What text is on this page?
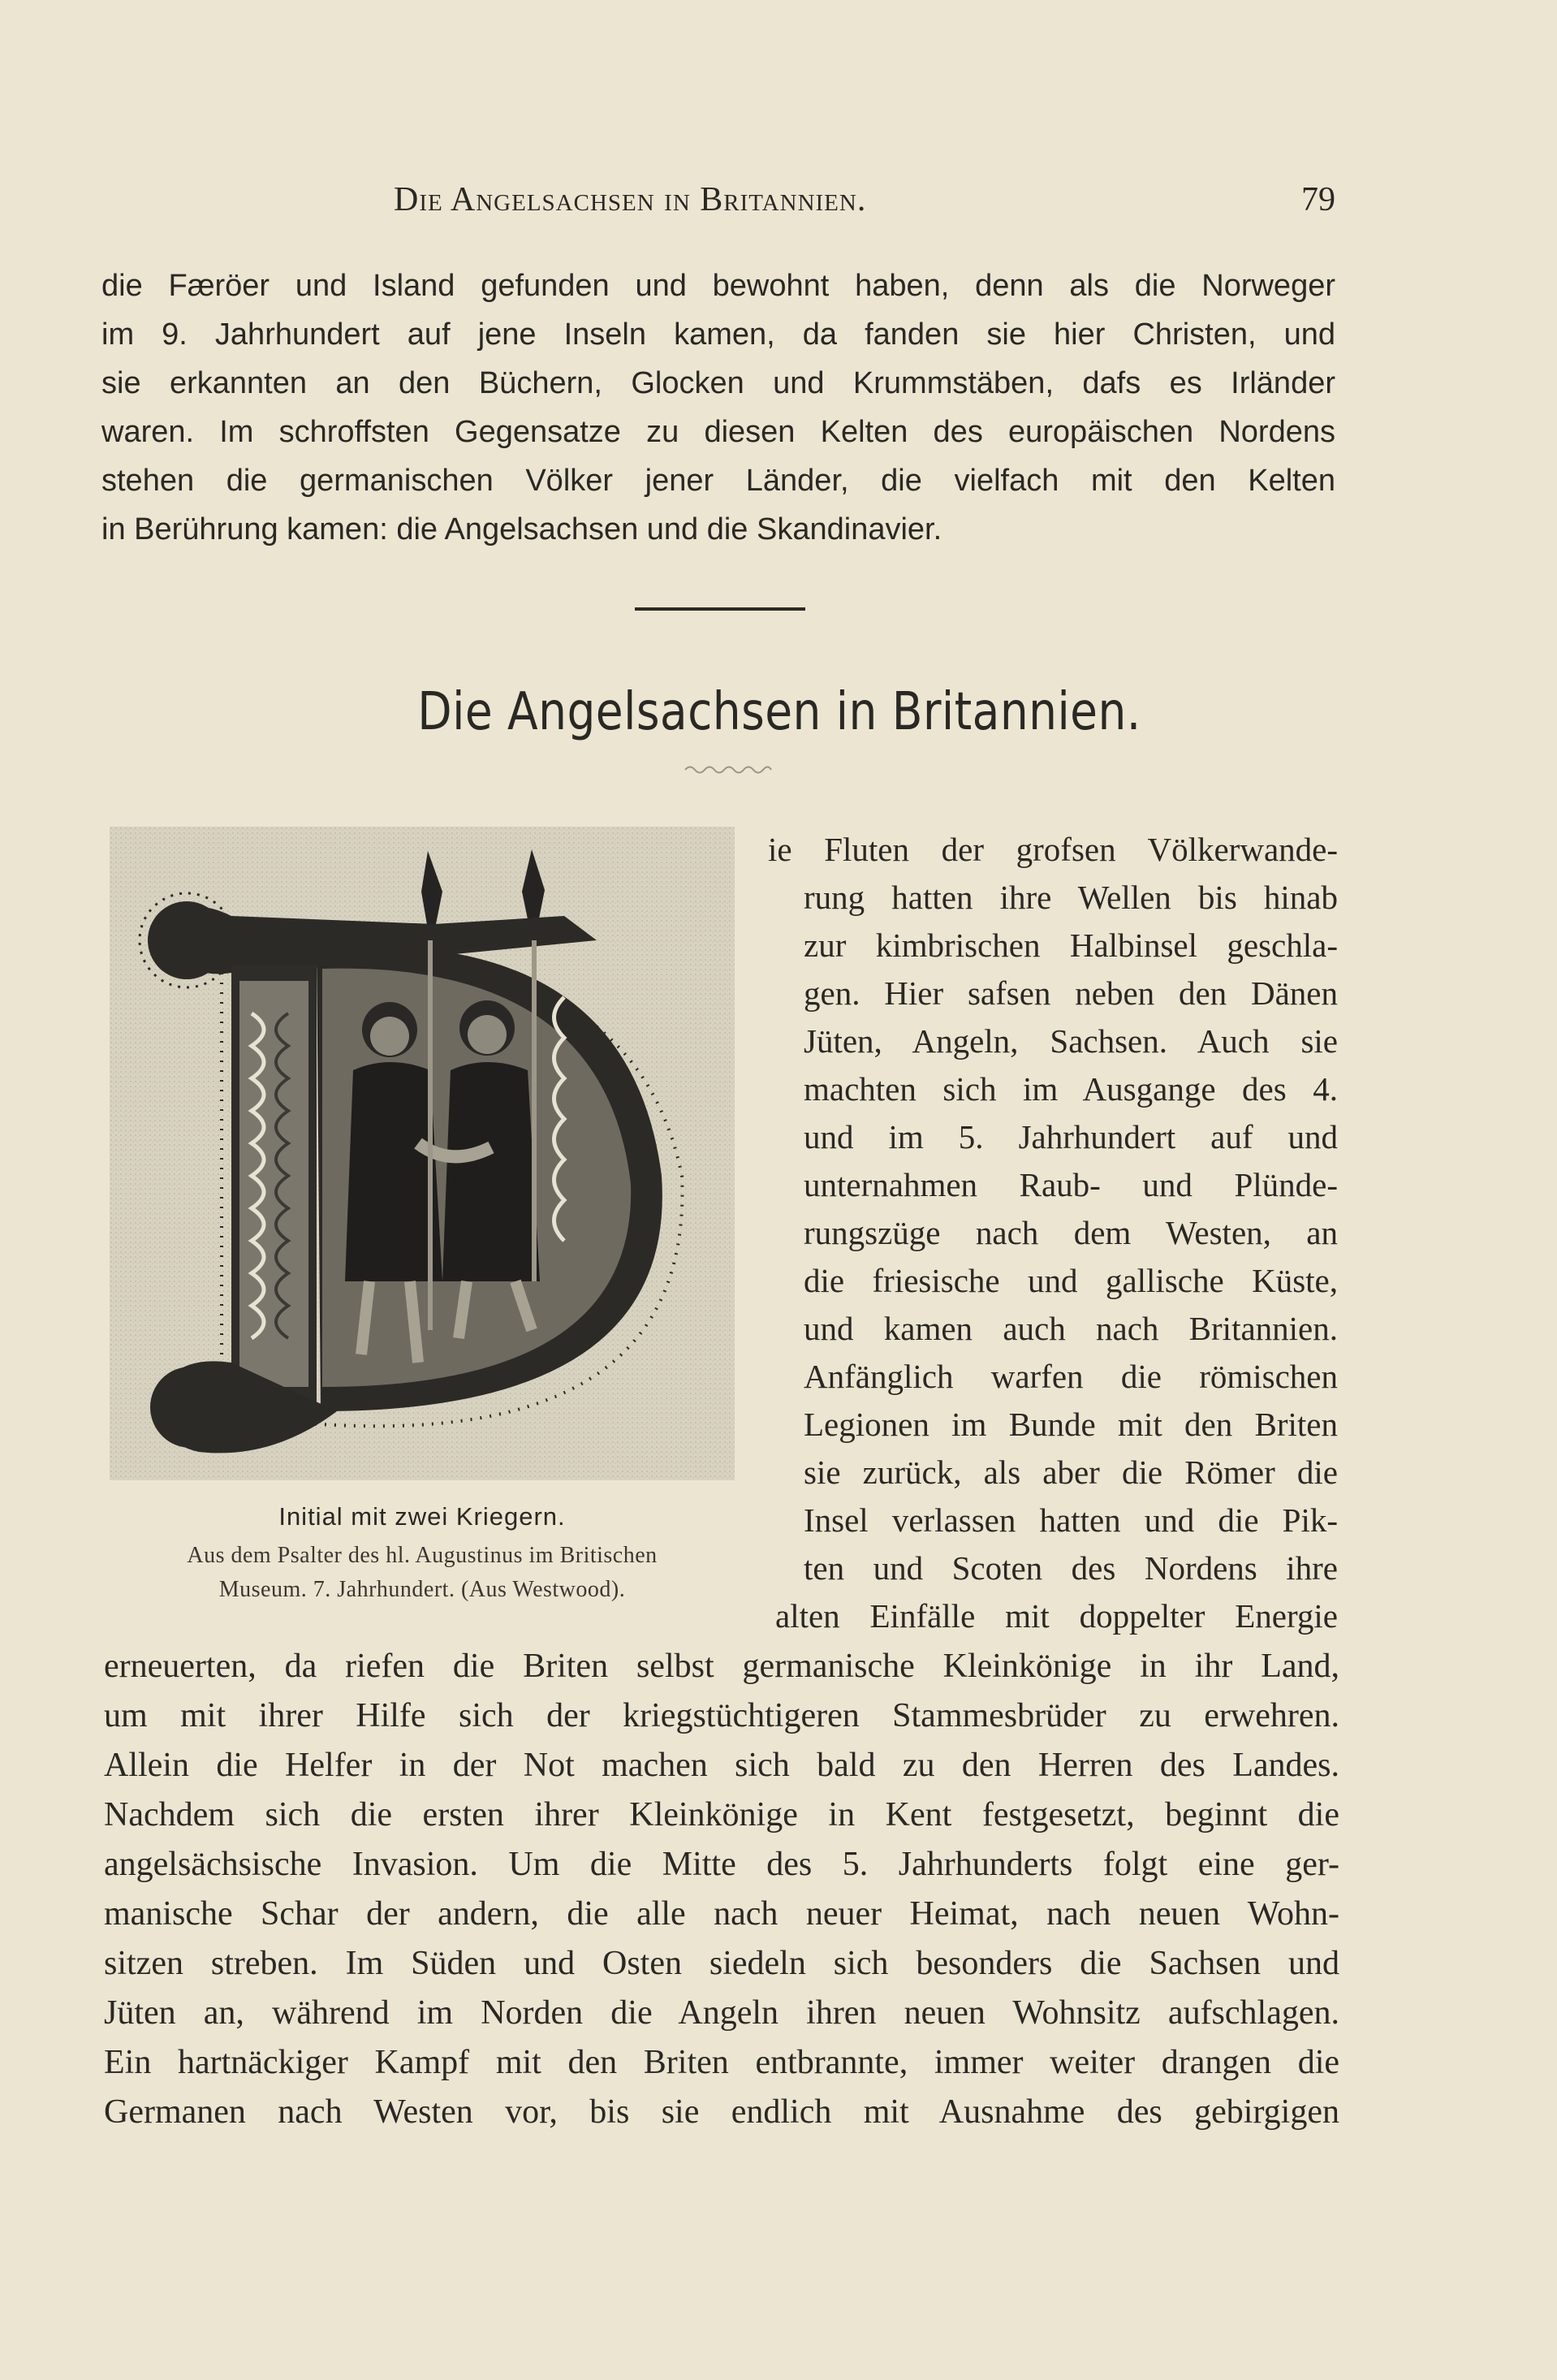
Die Angelsachsen in Britannien.	79
die Færöer und Island gefunden und bewohnt haben, denn als die Norweger
im 9. Jahrhundert auf jene Inseln kamen, da fanden sie hier Christen, und
sie erkannten an den Büchern, Glocken und Krummstäben, dafs es Irländer
waren. Im schroffsten Gegensatze zu diesen Kelten des europäischen Nordens
stehen die germanischen Völker jener Länder, die vielfach mit den Kelten
in Berührung kamen: die Angelsachsen und die Skandinavier.
Die Angelsachsen in Britannien.
Initial mit zwei Kriegern.
Aus dem Psalter des hl. Augustinus im Britischen
Museum. 7. Jahrhundert. (Aus Westwood).
ie Fluten der grofsen Völkerwande-
rung hatten ihre Wellen bis hinab
zur kimbrischen Halbinsel geschla-
gen. Hier safsen neben den Dänen
Jüten, Angeln, Sachsen. Auch sie
machten sich im Ausgange des 4.
und im 5. Jahrhundert auf und
unternahmen Raub- und Plünde-
rungszüge nach dem Westen, an
die friesische und gallische Küste,
und kamen auch nach Britannien.
Anfänglich warfen die römischen
Legionen im Bunde mit den Briten
sie zurück, als aber die Römer die
Insel verlassen hatten und die Pik-
ten und Scoten des Nordens ihre
alten Einfälle mit doppelter Energie
erneuerten, da riefen die Briten selbst germanische Kleinkönige in ihr Land,
um mit ihrer Hilfe sich der kriegstüchtigeren Stammesbrüder zu erwehren.
Allein die Helfer in der Not machen sich bald zu den Herren des Landes.
Nachdem sich die ersten ihrer Kleinkönige in Kent festgesetzt, beginnt die
angelsächsische Invasion. Um die Mitte des 5. Jahrhunderts folgt eine ger-
manische Schar der andern, die alle nach neuer Heimat, nach neuen Wohn-
sitzen streben. Im Süden und Osten siedeln sich besonders die Sachsen und
Jüten an, während im Norden die Angeln ihren neuen Wohnsitz aufschlagen.
Ein hartnäckiger Kampf mit den Briten entbrannte, immer weiter drangen die
Germanen nach Westen vor, bis sie endlich mit Ausnahme des gebirgigen
